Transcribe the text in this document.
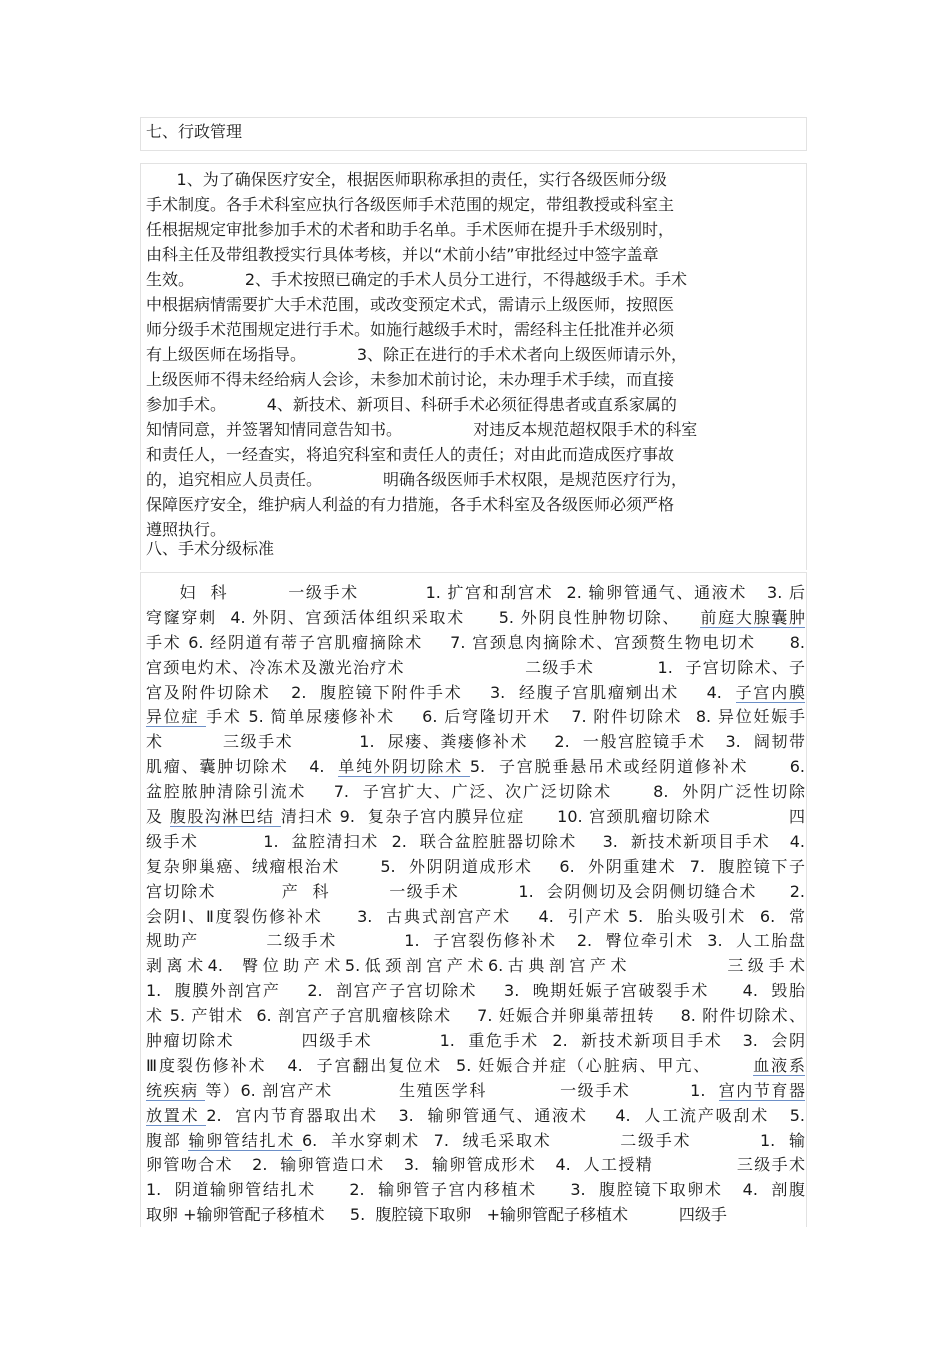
七、行政管理
1、为了确保医疗安全，根据医师职称承担的责任，实行各级医师分级
手术制度。各手术科室应执行各级医师手术范围的规定，带组教授或科室主
任根据规定审批参加手术的术者和助手名单。手术医师在提升手术级别时，
由科主任及带组教授实行具体考核，并以“术前小结”审批经过中签字盖章
生效。          2、手术按照已确定的手术人员分工进行，不得越级手术。手术
中根据病情需要扩大手术范围，或改变预定术式，需请示上级医师，按照医
师分级手术范围规定进行手术。如施行越级手术时，需经科主任批准并必须
有上级医师在场指导。          3、除正在进行的手术术者向上级医师请示外，
上级医师不得未经给病人会诊，未参加术前讨论，未办理手术手续，而直接
参加手术。        4、新技术、新项目、科研手术必须征得患者或直系家属的
知情同意，并签署知情同意告知书。              对违反本规范超权限手术的科室
和责任人，一经查实，将追究科室和责任人的责任；对由此而造成医疗事故
的，追究相应人员责任。            明确各级医师手术权限，是规范医疗行为，
保障医疗安全，维护病人利益的有力措施，各手术科室及各级医师必须严格
遵照执行。
八、手术分级标准
妇  科         一级手术          1. 扩宫和刮宫术  2. 输卵管通气、通液术   3. 后
穹窿穿刺  4. 外阴、宫颈活体组织采取术     5. 外阴良性肿物切除、   前庭大腺囊肿
手术 6. 经阴道有蒂子宫肌瘤摘除术    7. 宫颈息肉摘除术、宫颈赘生物电切术     8.
宫颈电灼术、冷冻术及激光治疗术                   二级手术          1.  子宫切除术、子
宫及附件切除术   2.  腹腔镜下附件手术    3.  经腹子宫肌瘤剜出术    4.  子宫内膜
异位症 手术 5. 简单尿瘘修补术    6. 后穹隆切开术   7. 附件切除术  8. 异位妊娠手
术         三级手术          1.  尿瘘、粪瘘修补术    2.  一般宫腔镜手术   3.  阔韧带
肌瘤、囊肿切除术   4.  单纯外阴切除术 5.  子宫脱垂悬吊术或经阴道修补术      6.
盆腔脓肿清除引流术    7.  子宫扩大、广泛、次广泛切除术      8.  外阴广泛性切除
及 腹股沟淋巴结 清扫术 9.  复杂子宫内膜异位症     10. 宫颈肌瘤切除术            四
级手术          1.  盆腔清扫术  2.  联合盆腔脏器切除术    3.  新技术新项目手术   4.
复杂卵巢癌、绒瘤根治术      5.  外阴阴道成形术    6.  外阴重建术  7.  腹腔镜下子
宫切除术          产  科         一级手术         1.  会阴侧切及会阴侧切缝合术     2.
会阴Ⅰ、Ⅱ度裂伤修补术     3.  古典式剖宫产术    4.  引产术 5.  胎头吸引术  6.  常
规助产          二级手术          1.  子宫裂伤修补术   2.  臀位牵引术  3.  人工胎盘
剥离术4.  臀位助产术5.低颈剖宫产术6.古典剖宫产术          三级手术
1.  腹膜外剖宫产    2.  剖宫产子宫切除术    3.  晚期妊娠子宫破裂手术     4.  毁胎
术 5. 产钳术  6. 剖宫产子宫肌瘤核除术    7. 妊娠合并卵巢蒂扭转    8. 附件切除术、
肿瘤切除术          四级手术          1.  重危手术  2.  新技术新项目手术   3.  会阴
Ⅲ度裂伤修补术   4.  子宫翻出复位术  5. 妊娠合并症（心脏病、甲亢、      血液系
统疾病 等）6. 剖宫产术          生殖医学科           一级手术         1.  宫内节育器
放置术 2.  宫内节育器取出术   3.  输卵管通气、通液术    4.  人工流产吸刮术   5.
腹部 输卵管结扎术 6.  羊水穿刺术  7.  绒毛采取术          二级手术          1.  输
卵管吻合术   2.  输卵管造口术   3.  输卵管成形术   4.  人工授精             三级手术
1.  阴道输卵管结扎术     2.  输卵管子宫内移植术     3.  腹腔镜下取卵术   4.  剖腹
取卵 +输卵管配子移植术     5.  腹腔镜下取卵   +输卵管配子移植术          四级手
